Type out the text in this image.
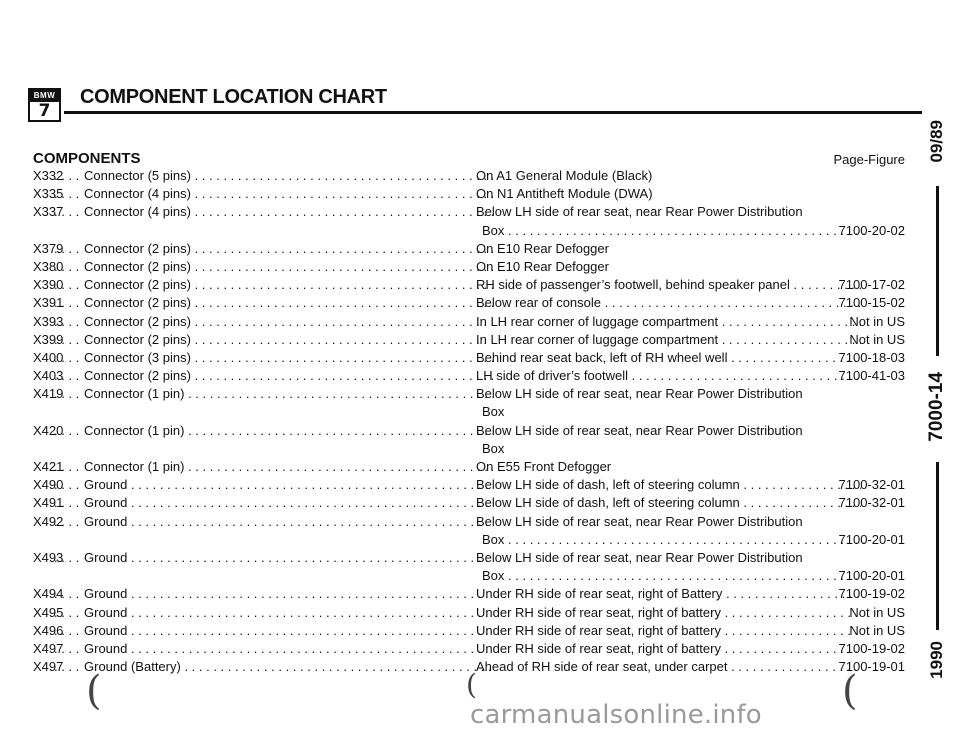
BMW
7
COMPONENT LOCATION CHART
COMPONENTS	Page-Figure
X332 . . . . Connector (5 pins) . . .	On A1 General Module (Black)
X335 . . . . Connector (4 pins) . . .	On N1 Antitheft Module (DWA)
X337 . . . . Connector (4 pins) . . .	Below LH side of rear seat, near Rear Power Distribution
Box . . .	7100-20-02
X379 . . . . Connector (2 pins) . . .	On E10 Rear Defogger
X380 . . . . Connector (2 pins) . . .	On E10 Rear Defogger
X390 . . . . Connector (2 pins) . . .	RH side of passenger’s footwell, behind speaker panel . . .	7100-17-02
X391 . . . . Connector (2 pins) . . .	Below rear of console . . .	7100-15-02
X393 . . . . Connector (2 pins) . . .	In LH rear corner of luggage compartment . . .	Not in US
X399 . . . . Connector (2 pins) . . .	In LH rear corner of luggage compartment . . .	Not in US
X400 . . . . Connector (3 pins) . . .	Behind rear seat back, left of RH wheel well . . .	7100-18-03
X403 . . . . Connector (2 pins) . . .	LH side of driver’s footwell . . .	7100-41-03
X419 . . . . Connector (1 pin) . . .	Below LH side of rear seat, near Rear Power Distribution
Box
X420 . . . . Connector (1 pin) . . .	Below LH side of rear seat, near Rear Power Distribution
Box
X421 . . . . Connector (1 pin) . . .	On E55 Front Defogger
X490 . . . . Ground . . .	Below LH side of dash, left of steering column . . .	7100-32-01
X491 . . . . Ground . . .	Below LH side of dash, left of steering column . . .	7100-32-01
X492 . . . . Ground . . .	Below LH side of rear seat, near Rear Power Distribution
Box . . .	7100-20-01
X493 . . . . Ground . . .	Below LH side of rear seat, near Rear Power Distribution
Box . . .	7100-20-01
X494 . . . . Ground . . .	Under RH side of rear seat, right of Battery . . .	7100-19-02
X495 . . . . Ground . . .	Under RH side of rear seat, right of battery . . .	Not in US
X496 . . . . Ground . . .	Under RH side of rear seat, right of battery . . .	Not in US
X497 . . . . Ground . . .	Under RH side of rear seat, right of battery . . .	7100-19-02
X497 . . . . Ground (Battery) . . .	Ahead of RH side of rear seat, under carpet . . .	7100-19-01
09/89
7000-14
1990
(	(	(
carmanualsonline.info
